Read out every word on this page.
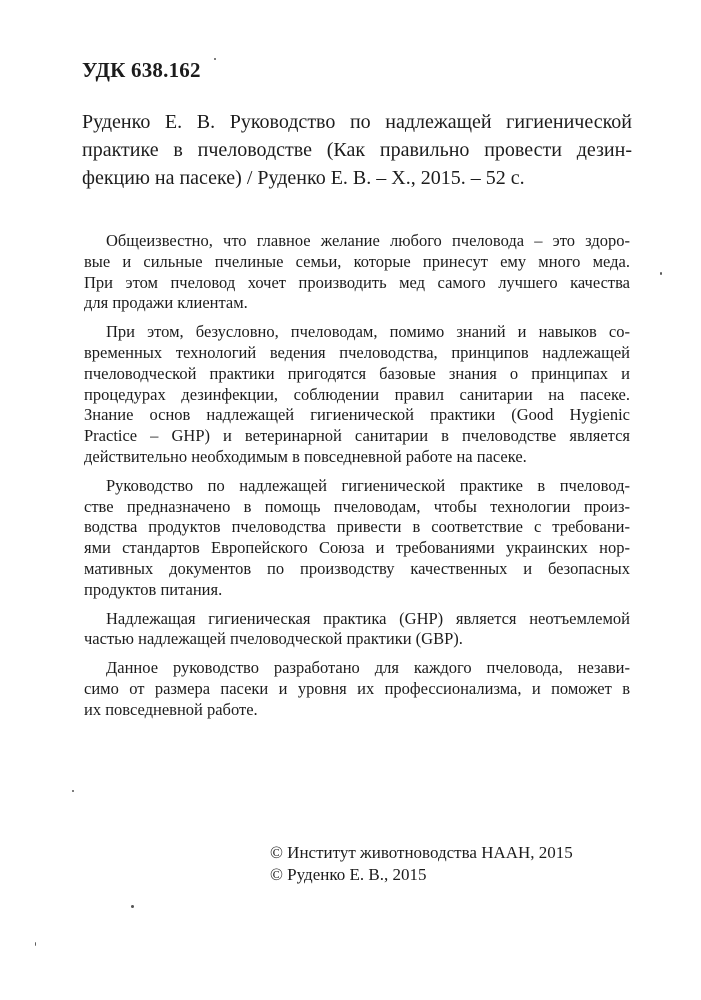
УДК 638.162
Руденко Е. В. Руководство по надлежащей гигиенической
практике в пчеловодстве (Как правильно провести дезин-
фекцию на пасеке) / Руденко Е. В. – Х., 2015. – 52 с.
Общеизвестно, что главное желание любого пчеловода – это здоро-
вые и сильные пчелиные семьи, которые принесут ему много меда.
При этом пчеловод хочет производить мед самого лучшего качества
для продажи клиентам.
При этом, безусловно, пчеловодам, помимо знаний и навыков со-
временных технологий ведения пчеловодства, принципов надлежащей
пчеловодческой практики пригодятся базовые знания о принципах и
процедурах дезинфекции, соблюдении правил санитарии на пасеке.
Знание основ надлежащей гигиенической практики (Good Hygienic
Practice – GHP) и ветеринарной санитарии в пчеловодстве является
действительно необходимым в повседневной работе на пасеке.
Руководство по надлежащей гигиенической практике в пчеловод-
стве предназначено в помощь пчеловодам, чтобы технологии произ-
водства продуктов пчеловодства привести в соответствие с требовани-
ями стандартов Европейского Союза и требованиями украинских нор-
мативных документов по производству качественных и безопасных
продуктов питания.
Надлежащая гигиеническая практика (GHP) является неотъемлемой
частью надлежащей пчеловодческой практики (GBP).
Данное руководство разработано для каждого пчеловода, незави-
симо от размера пасеки и уровня их профессионализма, и поможет в
их повседневной работе.
© Институт животноводства НААН, 2015
© Руденко Е. В., 2015
